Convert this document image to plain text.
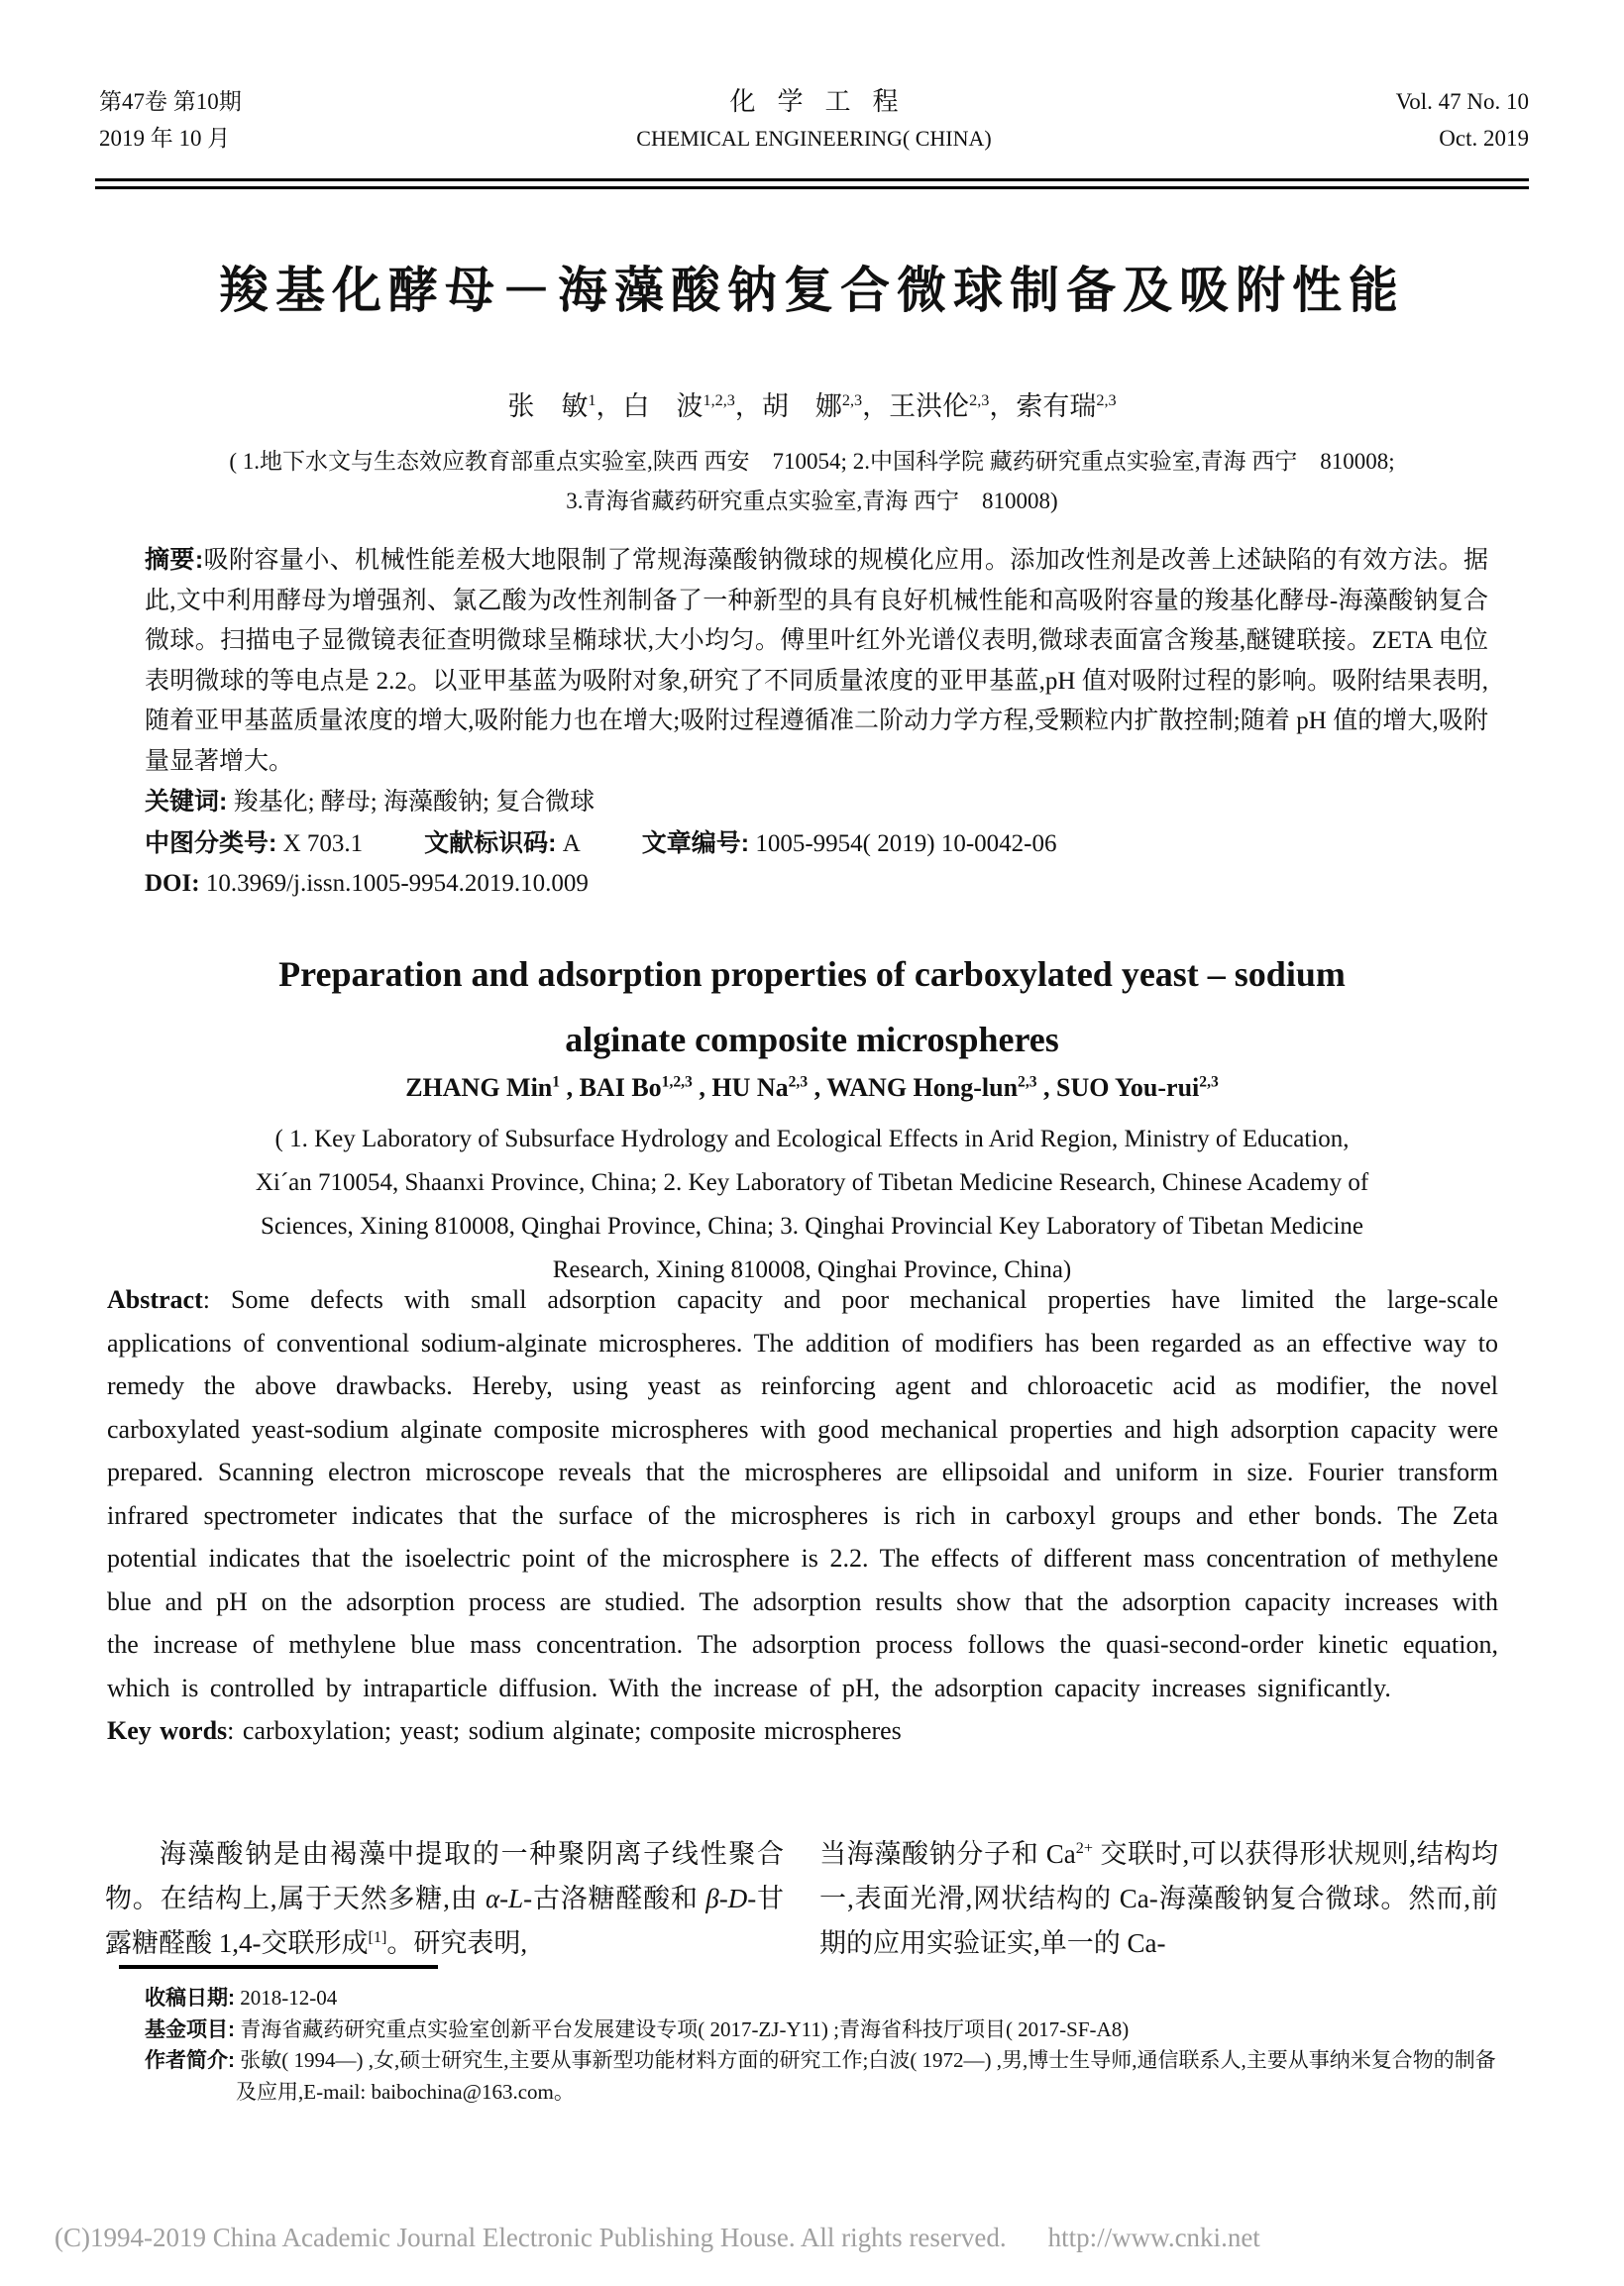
第47卷 第10期
2019 年 10 月
化学工程
CHEMICAL ENGINEERING( CHINA)
Vol. 47 No. 10
Oct. 2019
羧基化酵母－海藻酸钠复合微球制备及吸附性能
张　敏$^1$，白　波$^{1,2,3}$，胡　娜$^{2,3}$，王洪伦$^{2,3}$，索有瑞$^{2,3}$
( 1.地下水文与生态效应教育部重点实验室,陕西 西安　710054; 2.中国科学院 藏药研究重点实验室,青海 西宁　810008;
3.青海省藏药研究重点实验室,青海 西宁　810008)

摘要:吸附容量小、机械性能差极大地限制了常规海藻酸钠微球的规模化应用。添加改性剂是改善上述缺陷的有效方法。据此,文中利用酵母为增强剂、氯乙酸为改性剂制备了一种新型的具有良好机械性能和高吸附容量的羧基化酵母-海藻酸钠复合微球。扫描电子显微镜表征查明微球呈椭球状,大小均匀。傅里叶红外光谱仪表明,微球表面富含羧基,醚键联接。ZETA 电位表明微球的等电点是 2.2。以亚甲基蓝为吸附对象,研究了不同质量浓度的亚甲基蓝,pH 值对吸附过程的影响。吸附结果表明,随着亚甲基蓝质量浓度的增大,吸附能力也在增大;吸附过程遵循准二阶动力学方程,受颗粒内扩散控制;随着 pH 值的增大,吸附量显著增大。

关键词: 羧基化; 酵母; 海藻酸钠; 复合微球

中图分类号: X 703.1 文献标识码: A 文章编号: 1005-9954( 2019) 10-0042-06

DOI: 10.3969/j.issn.1005-9954.2019.10.009

Preparation and adsorption properties of carboxylated yeast – sodium
alginate composite microspheres
ZHANG Min$^1$ , BAI Bo$^{1,2,3}$ , HU Na$^{2,3}$ , WANG Hong-lun$^{2,3}$ , SUO You-rui$^{2,3}$
( 1. Key Laboratory of Subsurface Hydrology and Ecological Effects in Arid Region, Ministry of Education,
Xi´an 710054, Shaanxi Province, China; 2. Key Laboratory of Tibetan Medicine Research, Chinese Academy of
Sciences, Xining 810008, Qinghai Province, China; 3. Qinghai Provincial Key Laboratory of Tibetan Medicine
Research, Xining 810008, Qinghai Province, China)

Abstract: Some defects with small adsorption capacity and poor mechanical properties have limited the large-scale applications of conventional sodium-alginate microspheres. The addition of modifiers has been regarded as an effective way to remedy the above drawbacks. Hereby, using yeast as reinforcing agent and chloroacetic acid as modifier, the novel carboxylated yeast-sodium alginate composite microspheres with good mechanical properties and high adsorption capacity were prepared. Scanning electron microscope reveals that the microspheres are ellipsoidal and uniform in size. Fourier transform infrared spectrometer indicates that the surface of the microspheres is rich in carboxyl groups and ether bonds. The Zeta potential indicates that the isoelectric point of the microsphere is 2.2. The effects of different mass concentration of methylene blue and pH on the adsorption process are studied. The adsorption results show that the adsorption capacity increases with the increase of methylene blue mass concentration. The adsorption process follows the quasi-second-order kinetic equation, which is controlled by intraparticle diffusion. With the increase of pH, the adsorption capacity increases significantly.

Key words: carboxylation; yeast; sodium alginate; composite microspheres

海藻酸钠是由褐藻中提取的一种聚阴离子线性聚合物。在结构上,属于天然多糖,由 α-L-古洛糖醛酸和 β-D-甘露糖醛酸 1,4-交联形成[1]。研究表明,

当海藻酸钠分子和 $Ca^{2+}$ 交联时,可以获得形状规则,结构均一,表面光滑,网状结构的 Ca-海藻酸钠复合微球。然而,前期的应用实验证实,单一的 Ca-

收稿日期: 2018-12-04

基金项目: 青海省藏药研究重点实验室创新平台发展建设专项( 2017-ZJ-Y11) ;青海省科技厅项目( 2017-SF-A8)

作者简介: 张敏( 1994—) ,女,硕士研究生,主要从事新型功能材料方面的研究工作;白波( 1972—) ,男,博士生导师,通信联系人,主要从事纳米复合物的制备及应用,E-mail: baibochina@163.com。

(C)1994-2019 China Academic Journal Electronic Publishing House. All rights reserved. http://www.cnki.net
